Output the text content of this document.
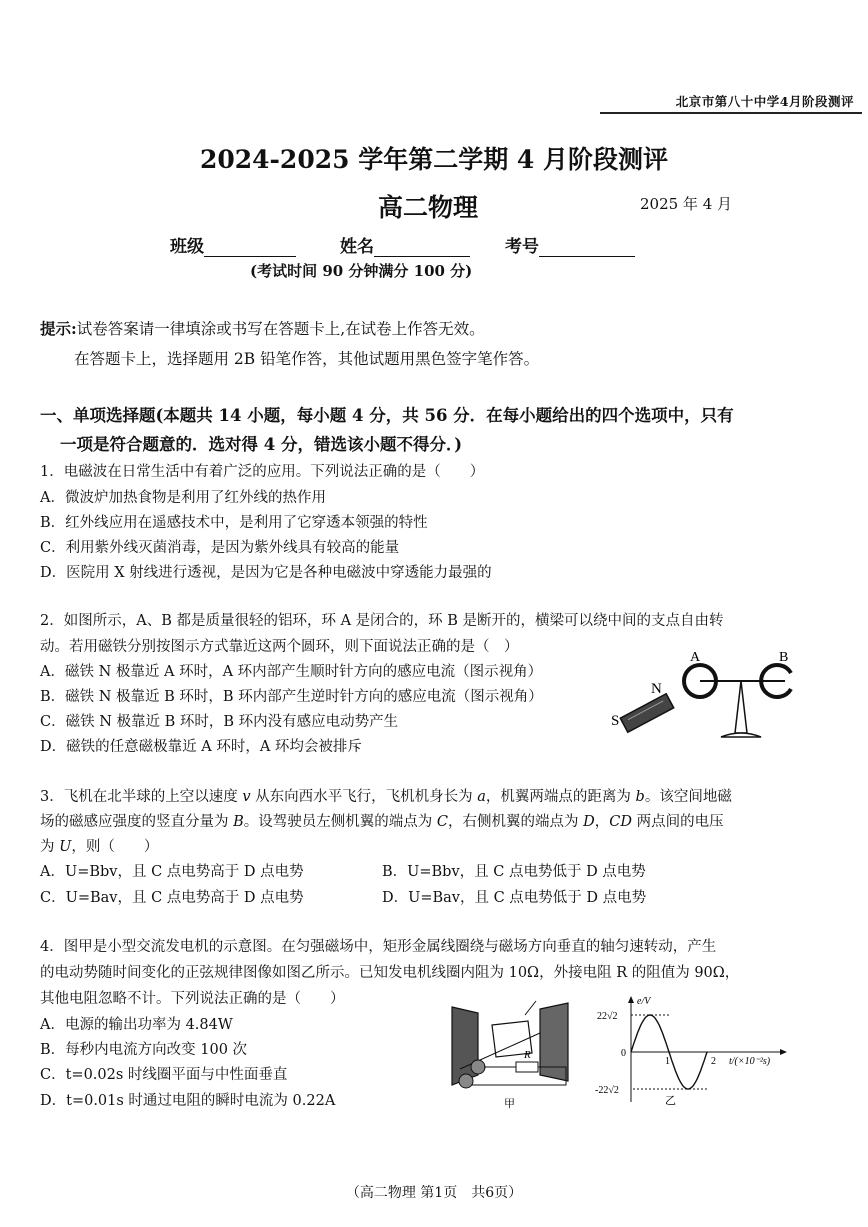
北京市第八十中学4月阶段测评
2024-2025 学年第二学期 4 月阶段测评
高二物理	2025 年 4 月
班级	姓名	考号
(考试时间 90 分钟满分 100 分)
提示:试卷答案请一律填涂或书写在答题卡上,在试卷上作答无效。
在答题卡上，选择题用 2B 铅笔作答，其他试题用黑色签字笔作答。
一、单项选择题(本题共 14 小题，每小题 4 分，共 56 分．在每小题给出的四个选项中，只有
一项是符合题意的．选对得 4 分，错选该小题不得分．)
1．电磁波在日常生活中有着广泛的应用。下列说法正确的是（　　）
A．微波炉加热食物是利用了红外线的热作用
B．红外线应用在遥感技术中，是利用了它穿透本领强的特性
C．利用紫外线灭菌消毒，是因为紫外线具有较高的能量
D．医院用 X 射线进行透视，是因为它是各种电磁波中穿透能力最强的
2．如图所示，A、B 都是质量很轻的铝环，环 A 是闭合的，环 B 是断开的，横梁可以绕中间的支点自由转
动。若用磁铁分别按图示方式靠近这两个圆环，则下面说法正确的是（　）
A．磁铁 N 极靠近 A 环时，A 环内部产生顺时针方向的感应电流（图示视角）
B．磁铁 N 极靠近 B 环时，B 环内部产生逆时针方向的感应电流（图示视角）
C．磁铁 N 极靠近 B 环时，B 环内没有感应电动势产生
D．磁铁的任意磁极靠近 A 环时，A 环均会被排斥
A	B
N
S
3．飞机在北半球的上空以速度 v 从东向西水平飞行，飞机机身长为 a，机翼两端点的距离为 b。该空间地磁
场的磁感应强度的竖直分量为 B。设驾驶员左侧机翼的端点为 C，右侧机翼的端点为 D，CD 两点间的电压
为 U，则（　　）
A．U=Bbv，且 C 点电势高于 D 点电势	B．U=Bbv，且 C 点电势低于 D 点电势
C．U=Bav，且 C 点电势高于 D 点电势	D．U=Bav，且 C 点电势低于 D 点电势
4．图甲是小型交流发电机的示意图。在匀强磁场中，矩形金属线圈绕与磁场方向垂直的轴匀速转动，产生
的电动势随时间变化的正弦规律图像如图乙所示。已知发电机线圈内阻为 10Ω，外接电阻 R 的阻值为 90Ω，
其他电阻忽略不计。下列说法正确的是（　　）
A．电源的输出功率为 4.84W
B．每秒内电流方向改变 100 次
C．t=0.02s 时线圈平面与中性面垂直
D．t=0.01s 时通过电阻的瞬时电流为 0.22A
R
甲
e/V
22√2
-22√2
0
1	2 t/(×10⁻²s)
乙
（高二物理 第1页　共6页）
